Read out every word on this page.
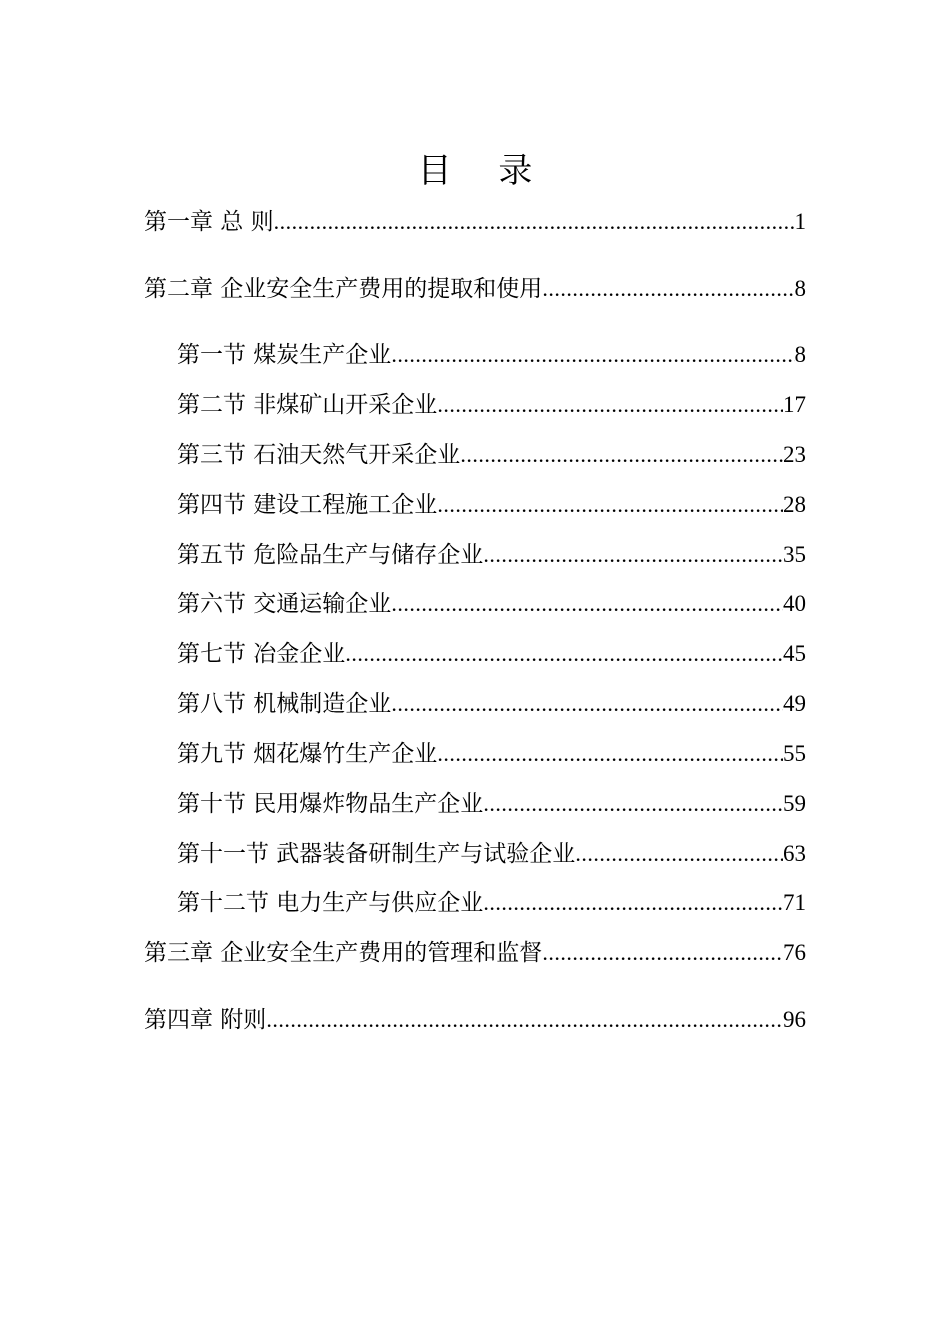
目 录
第一章 总 则 .....	1
第二章 企业安全生产费用的提取和使用 .....	8
第一节 煤炭生产企业 .....	8
第二节 非煤矿山开采企业 .....	17
第三节 石油天然气开采企业 .....	23
第四节 建设工程施工企业 .....	28
第五节 危险品生产与储存企业 .....	35
第六节 交通运输企业 .....	40
第七节 冶金企业 .....	45
第八节 机械制造企业 .....	49
第九节 烟花爆竹生产企业 .....	55
第十节 民用爆炸物品生产企业 .....	59
第十一节 武器装备研制生产与试验企业 .....	63
第十二节 电力生产与供应企业 .....	71
第三章 企业安全生产费用的管理和监督 .....	76
第四章 附则 .....	96
